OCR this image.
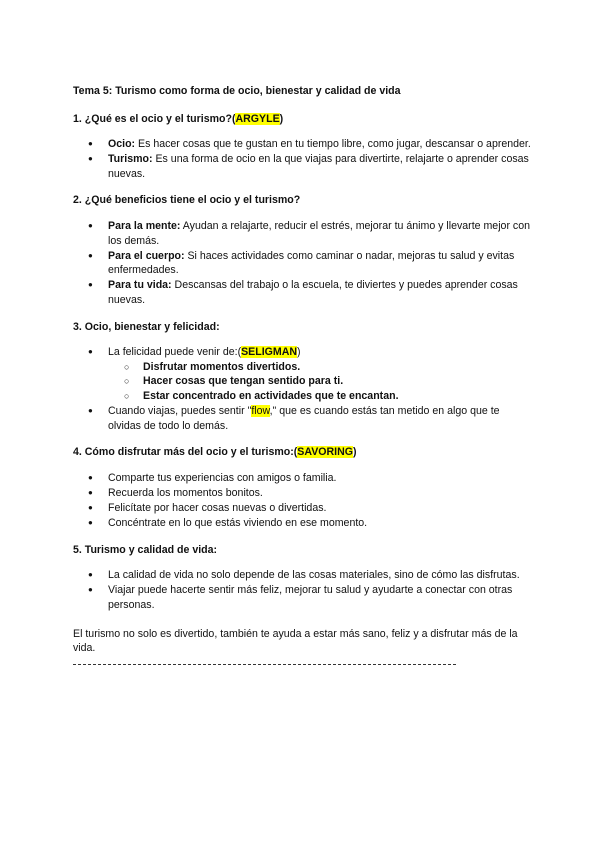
Tema 5: Turismo como forma de ocio, bienestar y calidad de vida
1. ¿Qué es el ocio y el turismo?(ARGYLE)
● Ocio: Es hacer cosas que te gustan en tu tiempo libre, como jugar, descansar o aprender.
● Turismo: Es una forma de ocio en la que viajas para divertirte, relajarte o aprender cosas nuevas.
2. ¿Qué beneficios tiene el ocio y el turismo?
● Para la mente: Ayudan a relajarte, reducir el estrés, mejorar tu ánimo y llevarte mejor con los demás.
● Para el cuerpo: Si haces actividades como caminar o nadar, mejoras tu salud y evitas enfermedades.
● Para tu vida: Descansas del trabajo o la escuela, te diviertes y puedes aprender cosas nuevas.
3. Ocio, bienestar y felicidad:
● La felicidad puede venir de:(SELIGMAN)
○ Disfrutar momentos divertidos.
○ Hacer cosas que tengan sentido para ti.
○ Estar concentrado en actividades que te encantan.
● Cuando viajas, puedes sentir "flow," que es cuando estás tan metido en algo que te olvidas de todo lo demás.
4. Cómo disfrutar más del ocio y el turismo:(SAVORING)
● Comparte tus experiencias con amigos o familia.
● Recuerda los momentos bonitos.
● Felicítate por hacer cosas nuevas o divertidas.
● Concéntrate en lo que estás viviendo en ese momento.
5. Turismo y calidad de vida:
● La calidad de vida no solo depende de las cosas materiales, sino de cómo las disfrutas.
● Viajar puede hacerte sentir más feliz, mejorar tu salud y ayudarte a conectar con otras personas.

El turismo no solo es divertido, también te ayuda a estar más sano, feliz y a disfrutar más de la vida.
